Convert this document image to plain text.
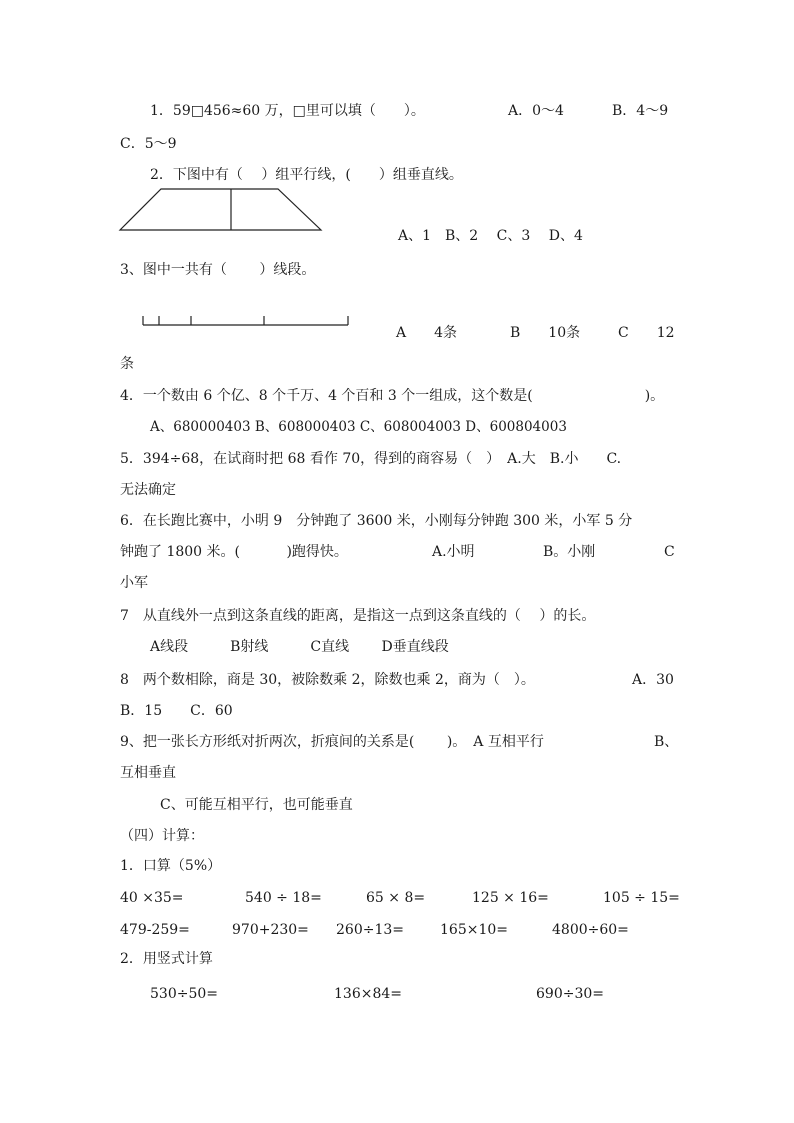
1．59□456≈60 万，□里可以填（　　）。	A．0～4	B．4～9
C．5～9
2．下图中有（　 ）组平行线，(　　）组垂直线。
A、1　B、2　 C、3　 D、4
3、图中一共有（　　 ）线段。
A　　4条	B　　10条	C　　12
条
4．一个数由 6 个亿、8 个千万、4 个百和 3 个一组成，这个数是(　　　　　　　　)。
A、680000403 B、608000403 C、608004003 D、600804003
5．394÷68，在试商时把 68 看作 70，得到的商容易（　）　A.大　B.小　　C.
无法确定
6．在长跑比赛中，小明 9　分钟跑了 3600 米，小刚每分钟跑 300 米，小军 5 分
钟跑了 1800 米。(　　　 )跑得快。	A.小明	B。小刚	C
小军
7　从直线外一点到这条直线的距离，是指这一点到这条直线的（　 ）的长。
A线段　　　B射线　　　C直线　　 D垂直线段
8　两个数相除，商是 30，被除数乘 2，除数也乘 2，商为（　）。	A．30
B．15　　C．60
9、把一张长方形纸对折两次，折痕间的关系是(　　 )。　A 互相平行	B、
互相垂直
C、可能互相平行，也可能垂直
（四）计算：
1．口算（5%）
40 ×35=	540 ÷ 18=	65 × 8=	125 × 16=	105 ÷ 15=
479-259=	970+230= 260÷13=	165×10=	4800÷60=
2．用竖式计算
530÷50=	136×84=	690÷30=
